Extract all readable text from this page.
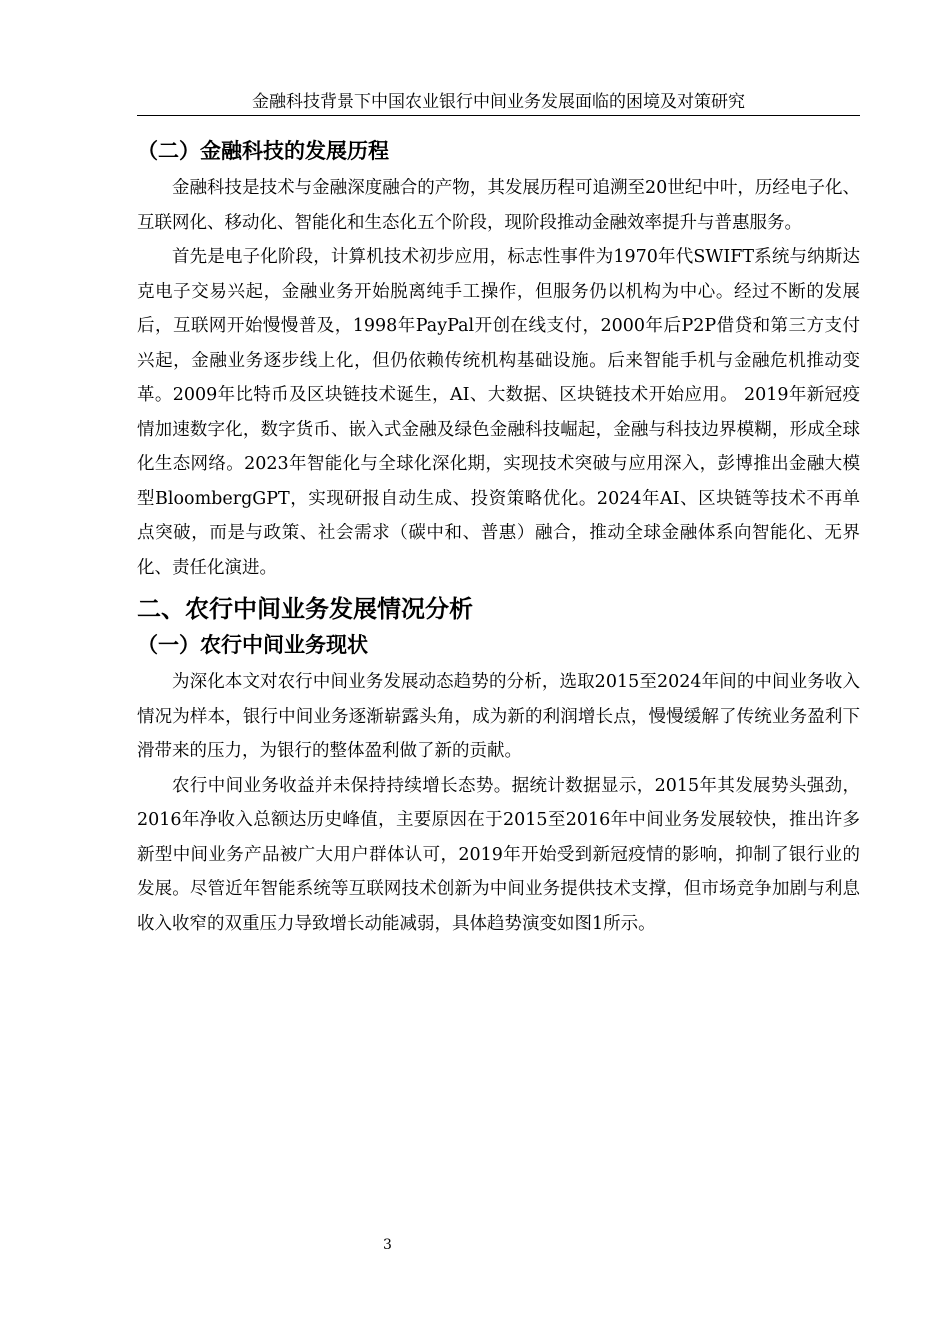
金融科技背景下中国农业银行中间业务发展面临的困境及对策研究
（二）金融科技的发展历程

金融科技是技术与金融深度融合的产物，其发展历程可追溯至20世纪中叶，历经电子化、互联网化、移动化、智能化和生态化五个阶段，现阶段推动金融效率提升与普惠服务。

首先是电子化阶段，计算机技术初步应用，标志性事件为1970年代SWIFT系统与纳斯达克电子交易兴起，金融业务开始脱离纯手工操作，但服务仍以机构为中心。经过不断的发展后，互联网开始慢慢普及，1998年PayPal开创在线支付，2000年后P2P借贷和第三方支付兴起，金融业务逐步线上化，但仍依赖传统机构基础设施。后来智能手机与金融危机推动变革。2009年比特币及区块链技术诞生，AI、大数据、区块链技术开始应用。 2019年新冠疫情加速数字化，数字货币、嵌入式金融及绿色金融科技崛起，金融与科技边界模糊，形成全球化生态网络。2023年智能化与全球化深化期，实现技术突破与应用深入，彭博推出金融大模型BloombergGPT，实现研报自动生成、投资策略优化。2024年AI、区块链等技术不再单点突破，而是与政策、社会需求（碳中和、普惠）融合，推动全球金融体系向智能化、无界化、责任化演进。

二、农行中间业务发展情况分析
（一）农行中间业务现状

为深化本文对农行中间业务发展动态趋势的分析，选取2015至2024年间的中间业务收入情况为样本，银行中间业务逐渐崭露头角，成为新的利润增长点，慢慢缓解了传统业务盈利下滑带来的压力，为银行的整体盈利做了新的贡献。

农行中间业务收益并未保持持续增长态势。据统计数据显示，2015年其发展势头强劲，2016年净收入总额达历史峰值，主要原因在于2015至2016年中间业务发展较快，推出许多新型中间业务产品被广大用户群体认可，2019年开始受到新冠疫情的影响，抑制了银行业的发展。尽管近年智能系统等互联网技术创新为中间业务提供技术支撑，但市场竞争加剧与利息收入收窄的双重压力导致增长动能减弱，具体趋势演变如图1所示。

3
